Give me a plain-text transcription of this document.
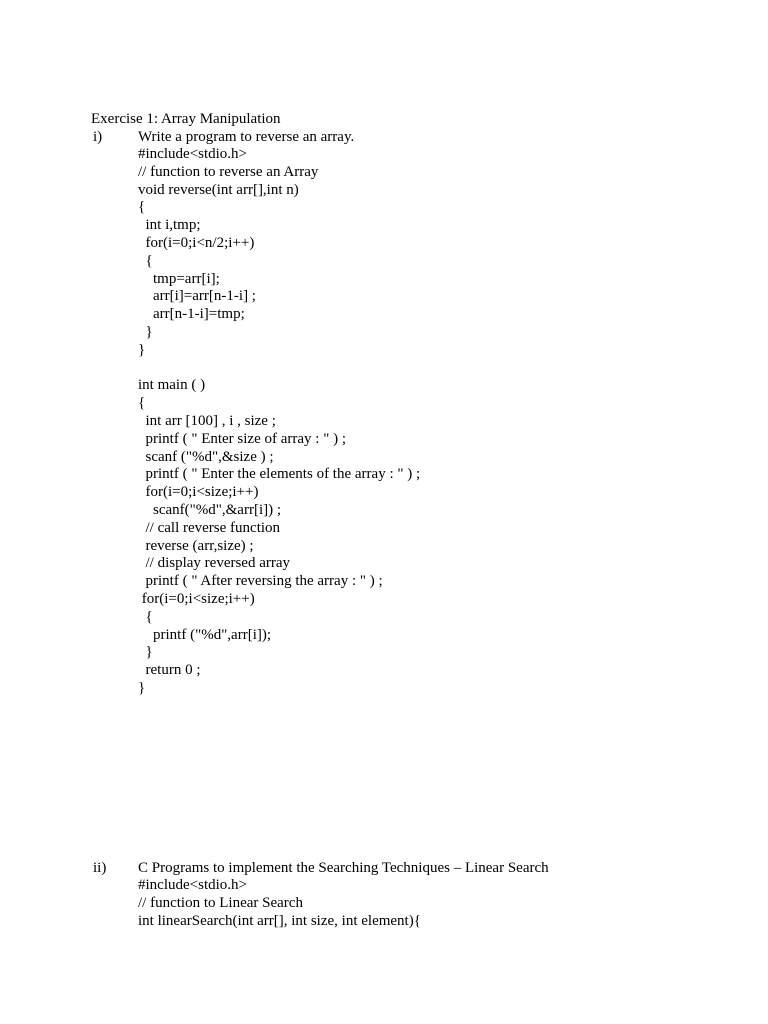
Exercise 1: Array Manipulation
i) Write a program to reverse an array.
#include<stdio.h>
// function to reverse an Array
void reverse(int arr[],int n)
{
int i,tmp;
for(i=0;i<n/2;i++)
{
tmp=arr[i];
arr[i]=arr[n-1-i] ;
arr[n-1-i]=tmp;
}
}
int main ( )
{
int arr [100] , i , size ;
printf ( " Enter size of array : " ) ;
scanf ("%d",&size ) ;
printf ( " Enter the elements of the array : " ) ;
for(i=0;i<size;i++)
scanf("%d",&arr[i]) ;
// call reverse function
reverse (arr,size) ;
// display reversed array
printf ( " After reversing the array : " ) ;
for(i=0;i<size;i++)
{
printf ("%d",arr[i]);
}
return 0 ;
}
ii) C Programs to implement the Searching Techniques – Linear Search
#include<stdio.h>
// function to Linear Search
int linearSearch(int arr[], int size, int element){
